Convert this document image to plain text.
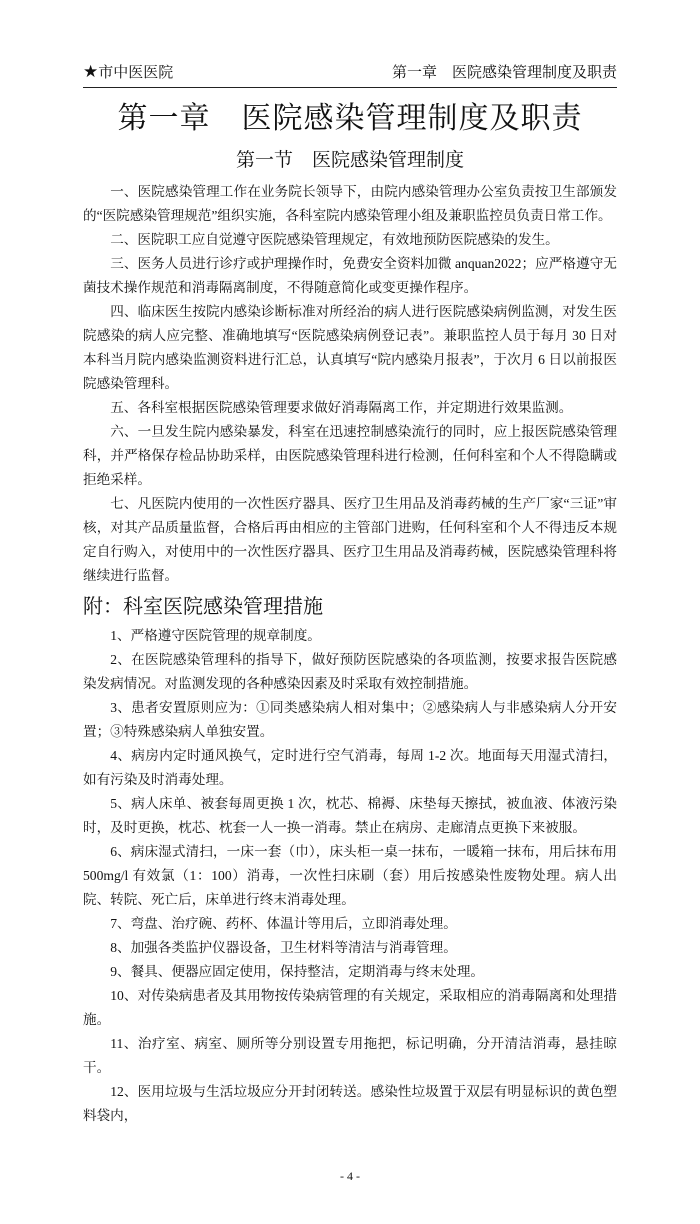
★市中医医院	第一章　医院感染管理制度及职责
第一章　医院感染管理制度及职责
第一节　医院感染管理制度

一、医院感染管理工作在业务院长领导下，由院内感染管理办公室负责按卫生部颁发的“医院感染管理规范”组织实施，各科室院内感染管理小组及兼职监控员负责日常工作。

二、医院职工应自觉遵守医院感染管理规定，有效地预防医院感染的发生。

三、医务人员进行诊疗或护理操作时，免费安全资料加微 anquan2022；应严格遵守无菌技术操作规范和消毒隔离制度，不得随意简化或变更操作程序。

四、临床医生按院内感染诊断标准对所经治的病人进行医院感染病例监测，对发生医院感染的病人应完整、准确地填写“医院感染病例登记表”。兼职监控人员于每月 30 日对本科当月院内感染监测资料进行汇总，认真填写“院内感染月报表”，于次月 6 日以前报医院感染管理科。

五、各科室根据医院感染管理要求做好消毒隔离工作，并定期进行效果监测。

六、一旦发生院内感染暴发，科室在迅速控制感染流行的同时，应上报医院感染管理科，并严格保存检品协助采样，由医院感染管理科进行检测，任何科室和个人不得隐瞒或拒绝采样。

七、凡医院内使用的一次性医疗器具、医疗卫生用品及消毒药械的生产厂家“三证”审核，对其产品质量监督，合格后再由相应的主管部门进购，任何科室和个人不得违反本规定自行购入，对使用中的一次性医疗器具、医疗卫生用品及消毒药械，医院感染管理科将继续进行监督。

附：科室医院感染管理措施

1、严格遵守医院管理的规章制度。

2、在医院感染管理科的指导下，做好预防医院感染的各项监测，按要求报告医院感染发病情况。对监测发现的各种感染因素及时采取有效控制措施。

3、患者安置原则应为：①同类感染病人相对集中；②感染病人与非感染病人分开安置；③特殊感染病人单独安置。

4、病房内定时通风换气，定时进行空气消毒，每周 1-2 次。地面每天用湿式清扫，如有污染及时消毒处理。

5、病人床单、被套每周更换 1 次，枕芯、棉褥、床垫每天擦拭，被血液、体液污染时，及时更换，枕芯、枕套一人一换一消毒。禁止在病房、走廊清点更换下来被服。

6、病床湿式清扫，一床一套（巾），床头柜一桌一抹布，一暖箱一抹布，用后抹布用 500mg/l 有效氯（1：100）消毒，一次性扫床刷（套）用后按感染性废物处理。病人出院、转院、死亡后，床单进行终末消毒处理。

7、弯盘、治疗碗、药杯、体温计等用后，立即消毒处理。

8、加强各类监护仪器设备，卫生材料等清洁与消毒管理。

9、餐具、便器应固定使用，保持整洁，定期消毒与终末处理。

10、对传染病患者及其用物按传染病管理的有关规定，采取相应的消毒隔离和处理措施。

11、治疗室、病室、厕所等分别设置专用拖把，标记明确，分开清洁消毒，悬挂晾干。

12、医用垃圾与生活垃圾应分开封闭转送。感染性垃圾置于双层有明显标识的黄色塑料袋内，

- 4 -
